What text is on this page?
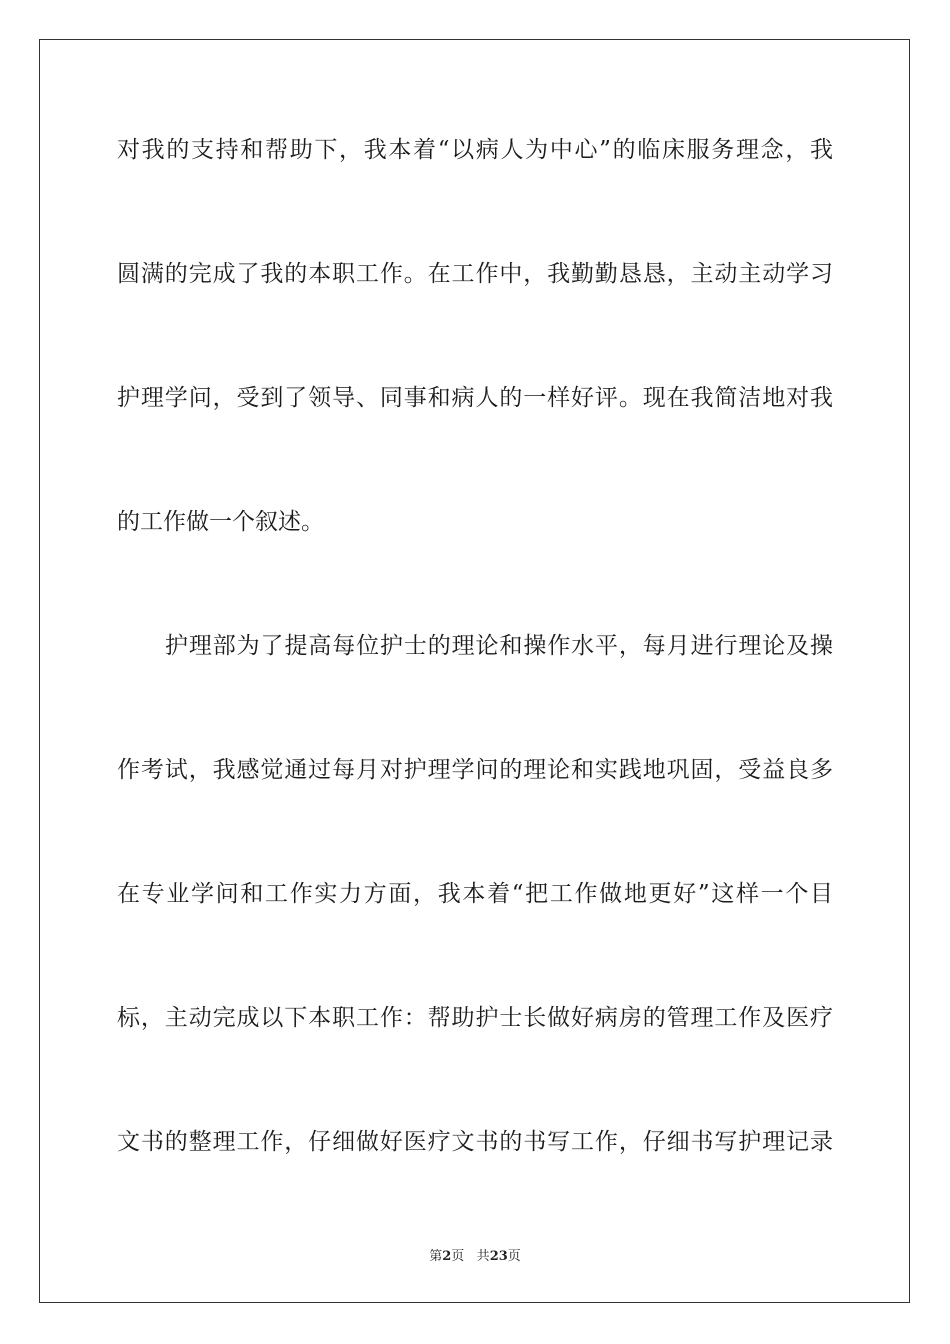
对我的支持和帮助下，我本着“以病人为中心”的临床服务理念，我
圆满的完成了我的本职工作。在工作中，我勤勤恳恳，主动主动学习
护理学问，受到了领导、同事和病人的一样好评。现在我简洁地对我
的工作做一个叙述。
护理部为了提高每位护士的理论和操作水平，每月进行理论及操
作考试，我感觉通过每月对护理学问的理论和实践地巩固，受益良多
在专业学问和工作实力方面，我本着“把工作做地更好”这样一个目
标，主动完成以下本职工作：帮助护士长做好病房的管理工作及医疗
文书的整理工作，仔细做好医疗文书的书写工作，仔细书写护理记录
第2页 共23页
